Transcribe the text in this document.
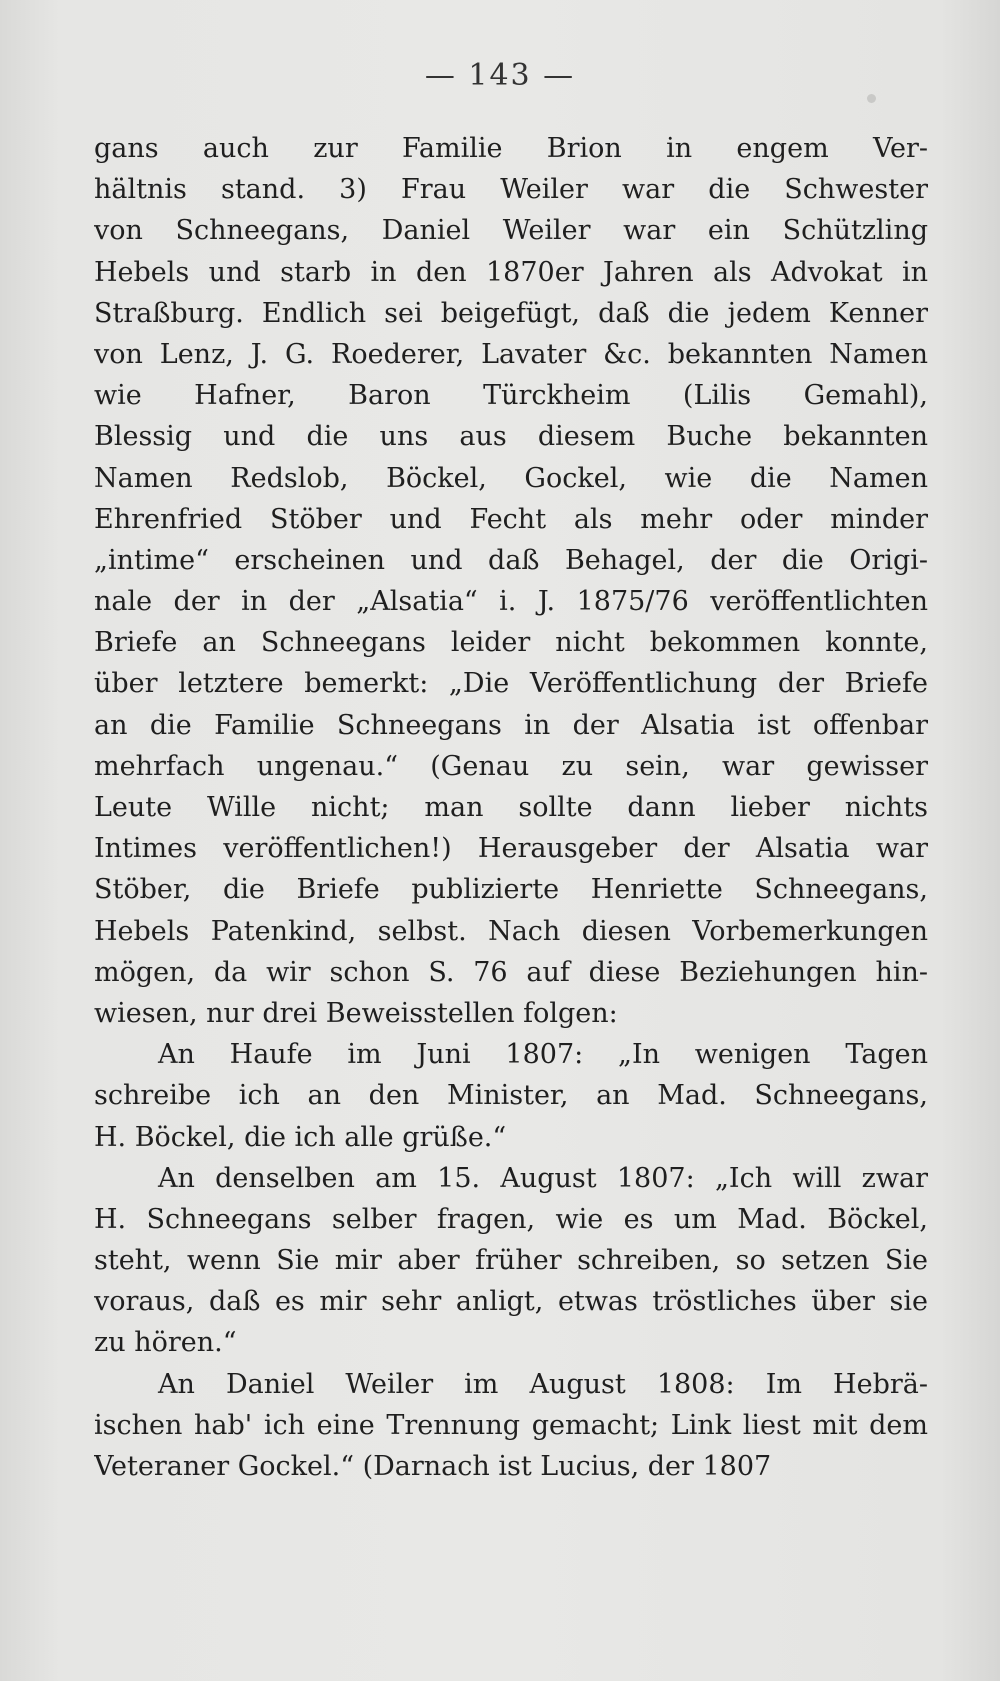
— 143 —
gans auch zur Familie Brion in engem Ver-
hältnis stand. 3) Frau Weiler war die Schwester
von Schneegans, Daniel Weiler war ein Schützling
Hebels und starb in den 1870er Jahren als Advokat in
Straßburg. Endlich sei beigefügt, daß die jedem Kenner
von Lenz, J. G. Roederer, Lavater &c. bekannten Namen
wie Hafner, Baron Türckheim (Lilis Gemahl),
Blessig und die uns aus diesem Buche bekannten
Namen Redslob, Böckel, Gockel, wie die Namen
Ehrenfried Stöber und Fecht als mehr oder minder
„intime“ erscheinen und daß Behagel, der die Origi-
nale der in der „Alsatia“ i. J. 1875/76 veröffentlichten
Briefe an Schneegans leider nicht bekommen konnte,
über letztere bemerkt: „Die Veröffentlichung der Briefe
an die Familie Schneegans in der Alsatia ist offenbar
mehrfach ungenau.“ (Genau zu sein, war gewisser
Leute Wille nicht; man sollte dann lieber nichts
Intimes veröffentlichen!) Herausgeber der Alsatia war
Stöber, die Briefe publizierte Henriette Schneegans,
Hebels Patenkind, selbst. Nach diesen Vorbemerkungen
mögen, da wir schon S. 76 auf diese Beziehungen hin-
wiesen, nur drei Beweisstellen folgen:
An Haufe im Juni 1807: „In wenigen Tagen
schreibe ich an den Minister, an Mad. Schneegans,
H. Böckel, die ich alle grüße.“
An denselben am 15. August 1807: „Ich will zwar
H. Schneegans selber fragen, wie es um Mad. Böckel,
steht, wenn Sie mir aber früher schreiben, so setzen Sie
voraus, daß es mir sehr anligt, etwas tröstliches über sie
zu hören.“
An Daniel Weiler im August 1808: Im Hebrä-
ischen hab' ich eine Trennung gemacht; Link liest mit dem
Veteraner Gockel.“ (Darnach ist Lucius, der 1807
